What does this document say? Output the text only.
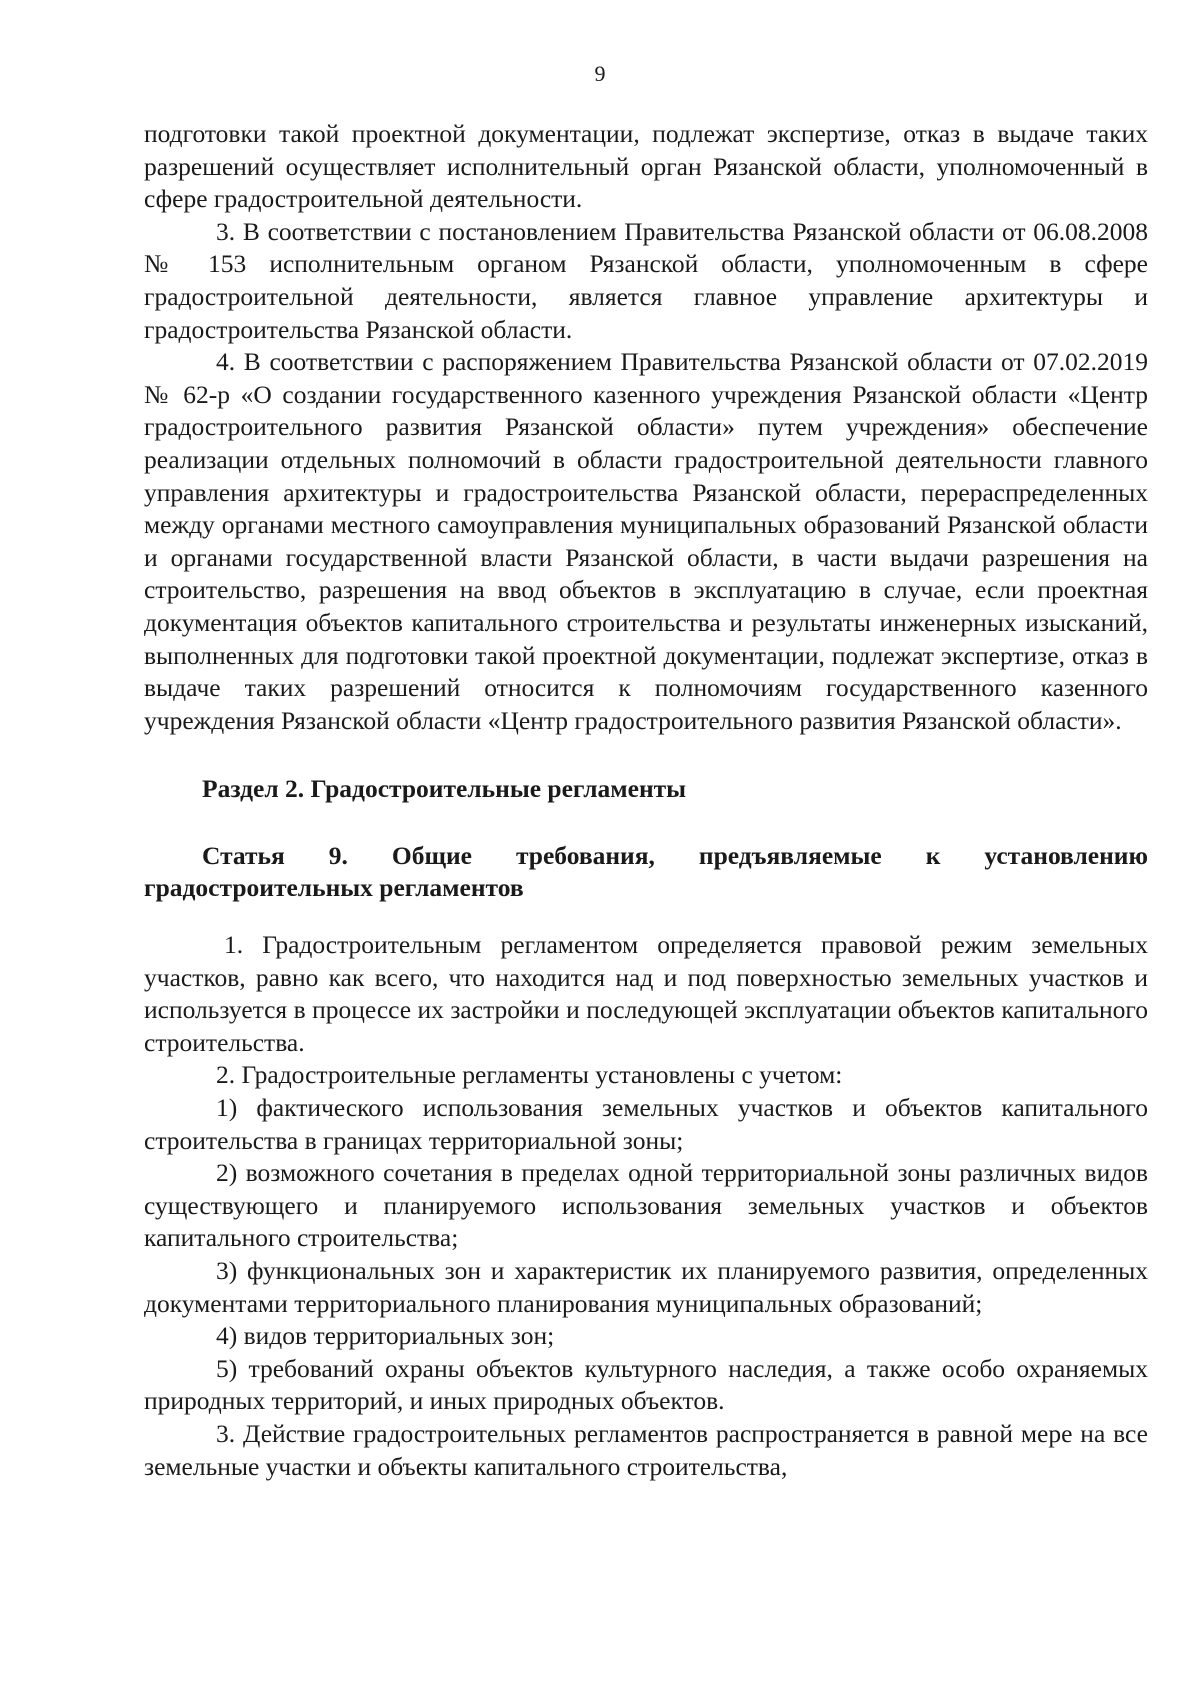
9

подготовки такой проектной документации, подлежат экспертизе, отказ в выдаче таких разрешений осуществляет исполнительный орган Рязанской области, уполномоченный в сфере градостроительной деятельности.

3. В соответствии с постановлением Правительства Рязанской области от 06.08.2008 № 153 исполнительным органом Рязанской области, уполномоченным в сфере градостроительной деятельности, является главное управление архитектуры и градостроительства Рязанской области.

4. В соответствии с распоряжением Правительства Рязанской области от 07.02.2019 № 62-р «О создании государственного казенного учреждения Рязанской области «Центр градостроительного развития Рязанской области» путем учреждения» обеспечение реализации отдельных полномочий в области градостроительной деятельности главного управления архитектуры и градостроительства Рязанской области, перераспределенных между органами местного самоуправления муниципальных образований Рязанской области и органами государственной власти Рязанской области, в части выдачи разрешения на строительство, разрешения на ввод объектов в эксплуатацию в случае, если проектная документация объектов капитального строительства и результаты инженерных изысканий, выполненных для подготовки такой проектной документации, подлежат экспертизе, отказ в выдаче таких разрешений относится к полномочиям государственного казенного учреждения Рязанской области «Центр градостроительного развития Рязанской области».

Раздел 2. Градостроительные регламенты

Статья 9. Общие требования, предъявляемые к установлению градостроительных регламентов

1. Градостроительным регламентом определяется правовой режим земельных участков, равно как всего, что находится над и под поверхностью земельных участков и используется в процессе их застройки и последующей эксплуатации объектов капитального строительства.

2. Градостроительные регламенты установлены с учетом:

1) фактического использования земельных участков и объектов капитального строительства в границах территориальной зоны;

2) возможного сочетания в пределах одной территориальной зоны различных видов существующего и планируемого использования земельных участков и объектов капитального строительства;

3) функциональных зон и характеристик их планируемого развития, определенных документами территориального планирования муниципальных образований;

4) видов территориальных зон;

5) требований охраны объектов культурного наследия, а также особо охраняемых природных территорий, и иных природных объектов.

3. Действие градостроительных регламентов распространяется в равной мере на все земельные участки и объекты капитального строительства,
